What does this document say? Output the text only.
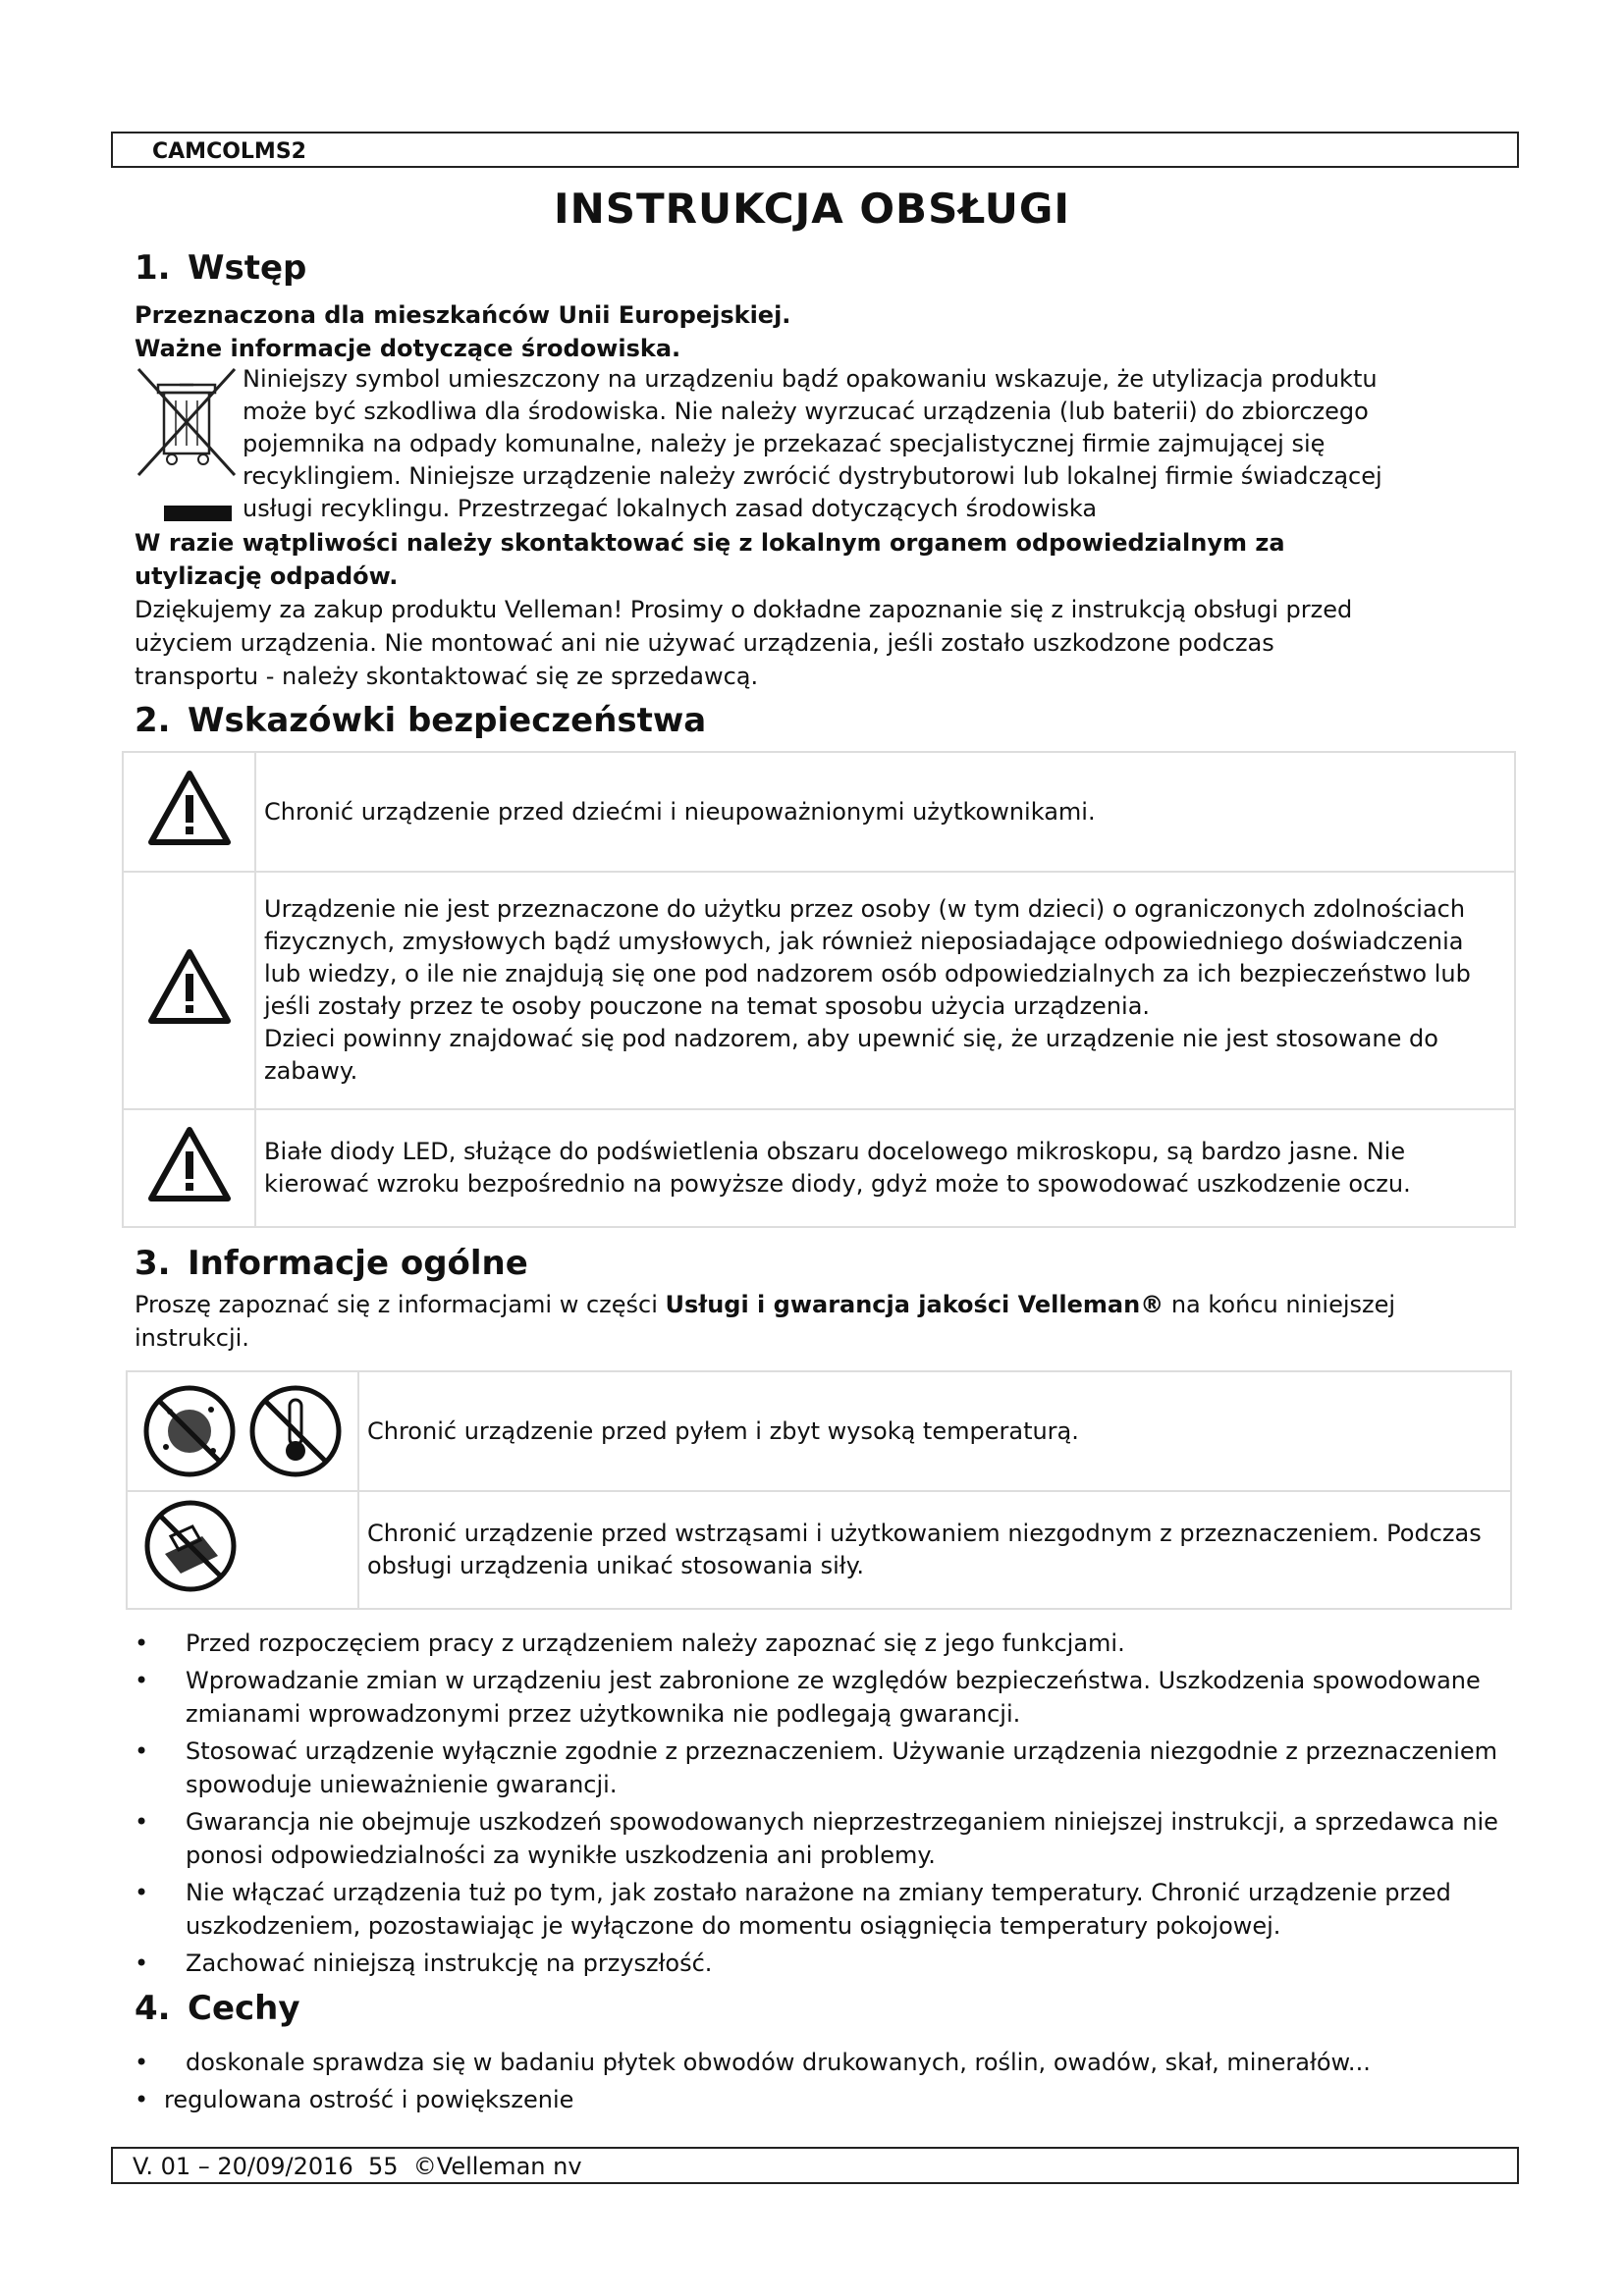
CAMCOLMS2
INSTRUKCJA OBSŁUGI
1. Wstęp
Przeznaczona dla mieszkańców Unii Europejskiej.
Ważne informacje dotyczące środowiska.
Niniejszy symbol umieszczony na urządzeniu bądź opakowaniu wskazuje, że utylizacja produktu
może być szkodliwa dla środowiska. Nie należy wyrzucać urządzenia (lub baterii) do zbiorczego
pojemnika na odpady komunalne, należy je przekazać specjalistycznej firmie zajmującej się
recyklingiem. Niniejsze urządzenie należy zwrócić dystrybutorowi lub lokalnej firmie świadczącej
usługi recyklingu. Przestrzegać lokalnych zasad dotyczących środowiska
W razie wątpliwości należy skontaktować się z lokalnym organem odpowiedzialnym za
utylizację odpadów.
Dziękujemy za zakup produktu Velleman! Prosimy o dokładne zapoznanie się z instrukcją obsługi przed
użyciem urządzenia. Nie montować ani nie używać urządzenia, jeśli zostało uszkodzone podczas
transportu - należy skontaktować się ze sprzedawcą.
2. Wskazówki bezpieczeństwa
	Chronić urządzenie przed dziećmi i nieupoważnionymi użytkownikami.

Urządzenie nie jest przeznaczone do użytku przez osoby (w tym dzieci) o ograniczonych zdolnościach fizycznych, zmysłowych bądź umysłowych, jak również nieposiadające odpowiedniego doświadczenia lub wiedzy, o ile nie znajdują się one pod nadzorem osób odpowiedzialnych za ich bezpieczeństwo lub jeśli zostały przez te osoby pouczone na temat sposobu użycia urządzenia.
Dzieci powinny znajdować się pod nadzorem, aby upewnić się, że urządzenie nie jest stosowane do zabawy.

	Białe diody LED, służące do podświetlenia obszaru docelowego mikroskopu, są bardzo jasne. Nie kierować wzroku bezpośrednio na powyższe diody, gdyż może to spowodować uszkodzenie oczu.
3. Informacje ogólne
Proszę zapoznać się z informacjami w części Usługi i gwarancja jakości Velleman® na końcu niniejszej instrukcji.
	Chronić urządzenie przed pyłem i zbyt wysoką temperaturą.
	Chronić urządzenie przed wstrząsami i użytkowaniem niezgodnym z przeznaczeniem. Podczas obsługi urządzenia unikać stosowania siły.
• Przed rozpoczęciem pracy z urządzeniem należy zapoznać się z jego funkcjami.
• Wprowadzanie zmian w urządzeniu jest zabronione ze względów bezpieczeństwa. Uszkodzenia spowodowane zmianami wprowadzonymi przez użytkownika nie podlegają gwarancji.
• Stosować urządzenie wyłącznie zgodnie z przeznaczeniem. Używanie urządzenia niezgodnie z przeznaczeniem spowoduje unieważnienie gwarancji.
• Gwarancja nie obejmuje uszkodzeń spowodowanych nieprzestrzeganiem niniejszej instrukcji, a sprzedawca nie ponosi odpowiedzialności za wynikłe uszkodzenia ani problemy.
• Nie włączać urządzenia tuż po tym, jak zostało narażone na zmiany temperatury. Chronić urządzenie przed uszkodzeniem, pozostawiając je wyłączone do momentu osiągnięcia temperatury pokojowej.
• Zachować niniejszą instrukcję na przyszłość.
4. Cechy
• doskonale sprawdza się w badaniu płytek obwodów drukowanych, roślin, owadów, skał, minerałów...
• regulowana ostrość i powiększenie
V. 01 – 20/09/2016  55  ©Velleman nv
